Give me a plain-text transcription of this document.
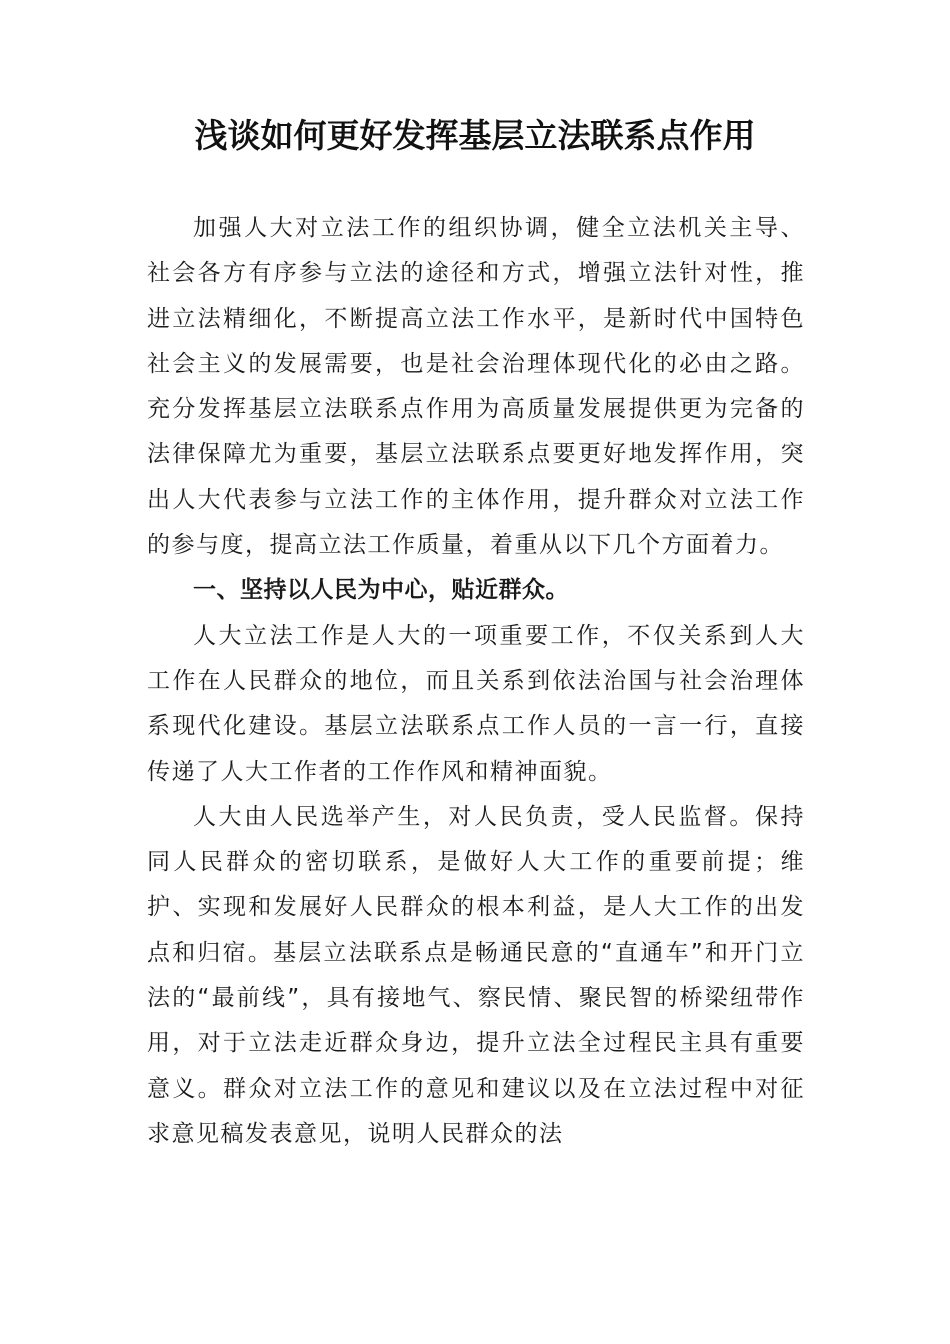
浅谈如何更好发挥基层立法联系点作用

加强人大对立法工作的组织协调，健全立法机关主导、社会各方有序参与立法的途径和方式，增强立法针对性，推进立法精细化，不断提高立法工作水平，是新时代中国特色社会主义的发展需要，也是社会治理体现代化的必由之路。充分发挥基层立法联系点作用为高质量发展提供更为完备的法律保障尤为重要，基层立法联系点要更好地发挥作用，突出人大代表参与立法工作的主体作用，提升群众对立法工作的参与度，提高立法工作质量，着重从以下几个方面着力。

一、坚持以人民为中心，贴近群众。

人大立法工作是人大的一项重要工作，不仅关系到人大工作在人民群众的地位，而且关系到依法治国与社会治理体系现代化建设。基层立法联系点工作人员的一言一行，直接传递了人大工作者的工作作风和精神面貌。

人大由人民选举产生，对人民负责，受人民监督。保持同人民群众的密切联系，是做好人大工作的重要前提；维护、实现和发展好人民群众的根本利益，是人大工作的出发点和归宿。基层立法联系点是畅通民意的“直通车”和开门立法的“最前线”，具有接地气、察民情、聚民智的桥梁纽带作用，对于立法走近群众身边，提升立法全过程民主具有重要意义。群众对立法工作的意见和建议以及在立法过程中对征求意见稿发表意见，说明人民群众的法
